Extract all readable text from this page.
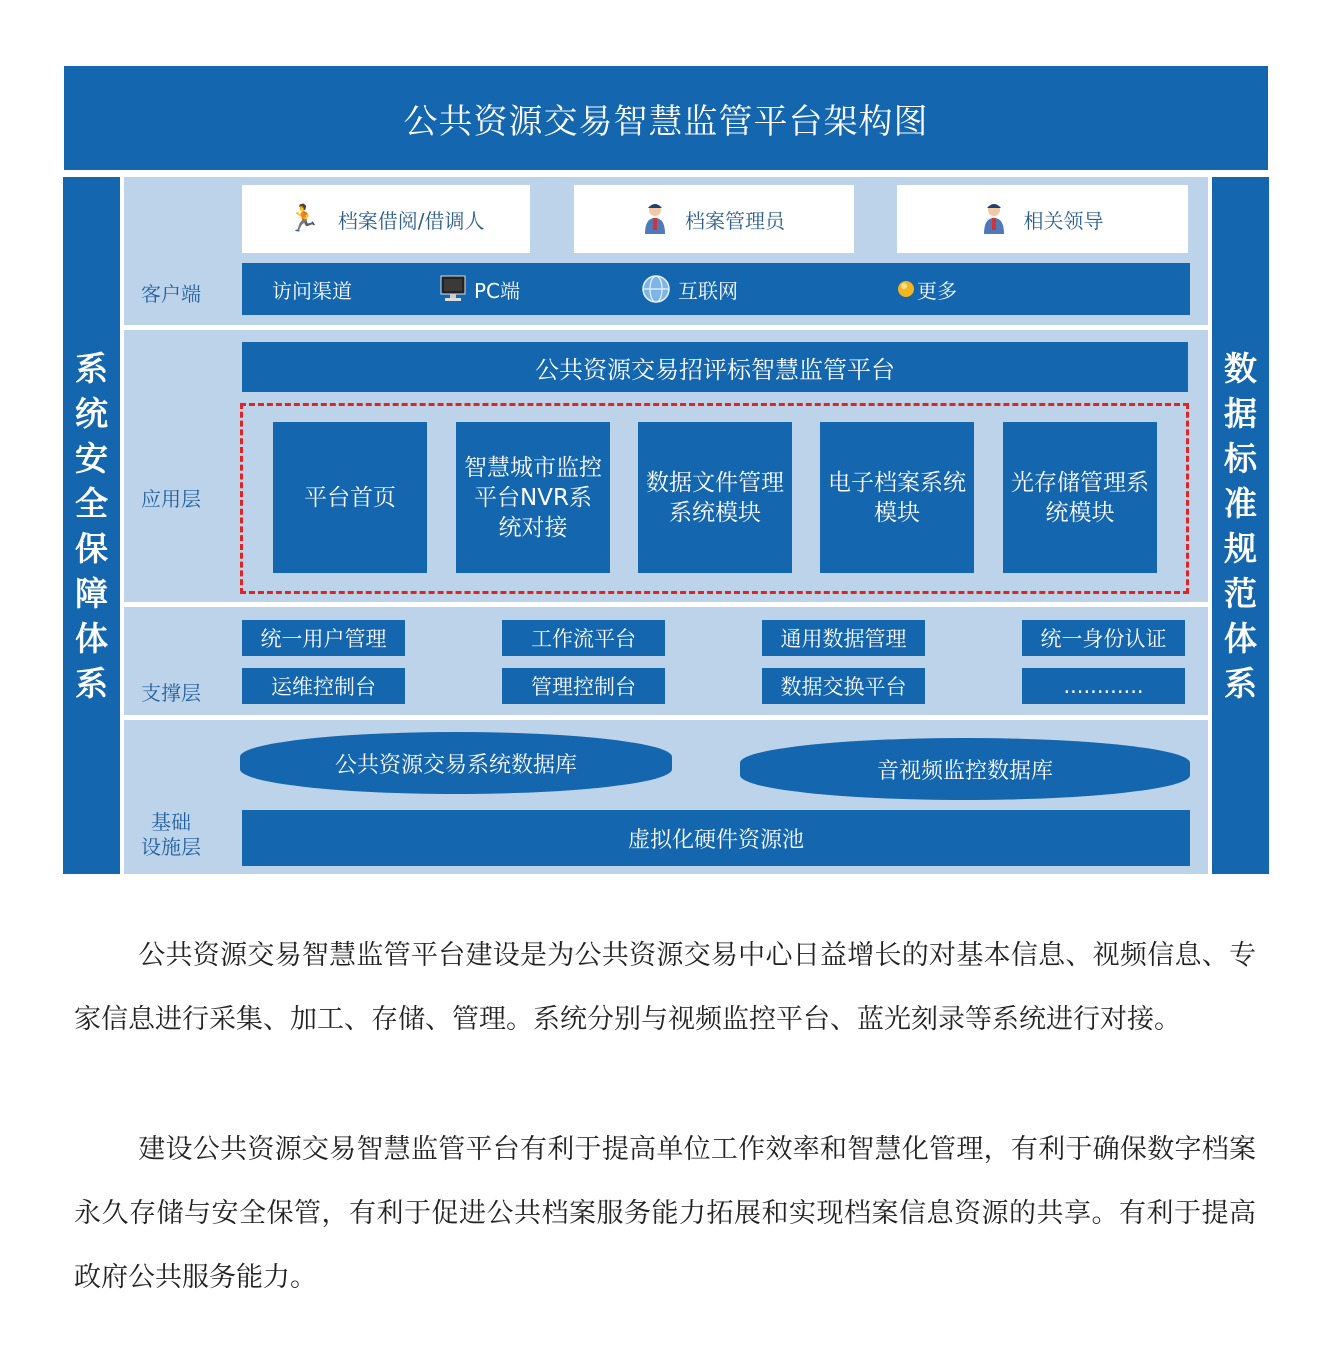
公共资源交易智慧监管平台架构图
系
统
安
全
保
障
体
系
数
据
标
准
规
范
体
系
客户端
应用层
支撑层
基础
设施层
🏃 档案借阅/借调人	档案管理员	相关领导
访问渠道	PC端	互联网	更多
公共资源交易招评标智慧监管平台
平台首页
智慧城市监控平台NVR系统对接
数据文件管理系统模块
电子档案系统模块
光存储管理系统模块
统一用户管理	工作流平台	通用数据管理	统一身份认证
运维控制台	管理控制台	数据交换平台	............
公共资源交易系统数据库	音视频监控数据库
虚拟化硬件资源池
公共资源交易智慧监管平台建设是为公共资源交易中心日益增长的对基本信息、视频信息、专家信息进行采集、加工、存储、管理。系统分别与视频监控平台、蓝光刻录等系统进行对接。
建设公共资源交易智慧监管平台有利于提高单位工作效率和智慧化管理，有利于确保数字档案永久存储与安全保管，有利于促进公共档案服务能力拓展和实现档案信息资源的共享。有利于提高政府公共服务能力。
